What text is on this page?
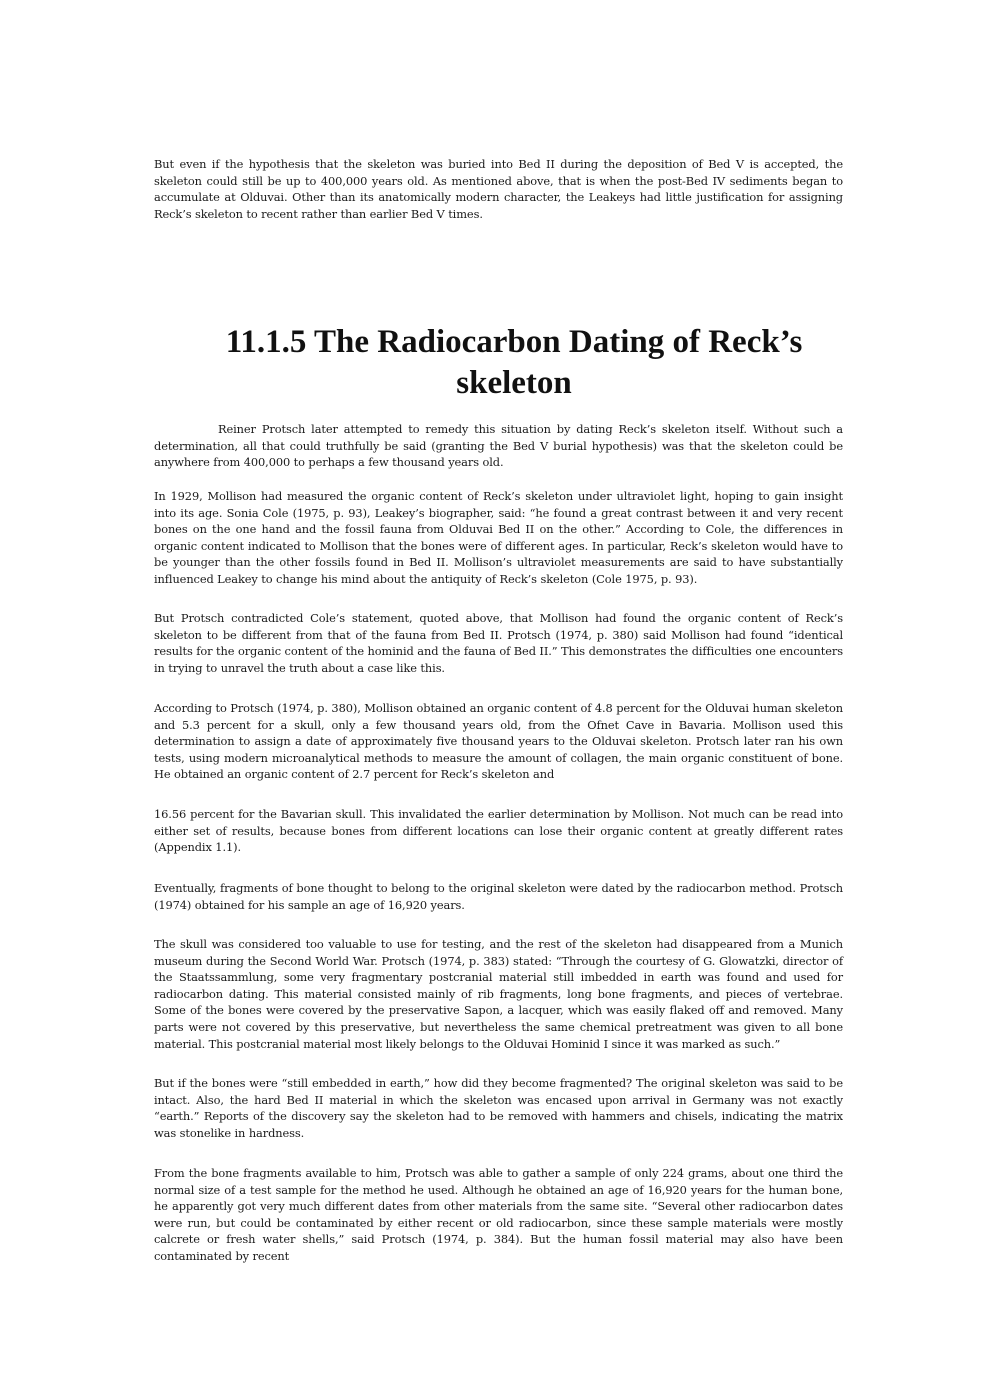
But even if the hypothesis that the skeleton was buried into Bed II during the deposition of Bed V is accepted, the skeleton could still be up to 400,000 years old. As mentioned above, that is when the post-Bed IV sediments began to accumulate at Olduvai. Other than its anatomically modern character, the Leakeys had little justification for assigning Reck’s skeleton to recent rather than earlier Bed V times.

11.1.5 The Radiocarbon Dating of Reck’s skeleton

Reiner Protsch later attempted to remedy this situation by dating Reck’s skeleton itself. Without such a determination, all that could truthfully be said (granting the Bed V burial hypothesis) was that the skeleton could be anywhere from 400,000 to perhaps a few thousand years old.

In 1929, Mollison had measured the organic content of Reck’s skeleton under ultraviolet light, hoping to gain insight into its age. Sonia Cole (1975, p. 93), Leakey’s biographer, said: “he found a great contrast between it and very recent bones on the one hand and the fossil fauna from Olduvai Bed II on the other.” According to Cole, the differences in organic content indicated to Mollison that the bones were of different ages. In particular, Reck’s skeleton would have to be younger than the other fossils found in Bed II. Mollison’s ultraviolet measurements are said to have substantially influenced Leakey to change his mind about the antiquity of Reck’s skeleton (Cole 1975, p. 93).

But Protsch contradicted Cole’s statement, quoted above, that Mollison had found the organic content of Reck’s skeleton to be different from that of the fauna from Bed II. Protsch (1974, p. 380) said Mollison had found “identical results for the organic content of the hominid and the fauna of Bed II.” This demonstrates the difficulties one encounters in trying to unravel the truth about a case like this.

According to Protsch (1974, p. 380), Mollison obtained an organic content of 4.8 percent for the Olduvai human skeleton and 5.3 percent for a skull, only a few thousand years old, from the Ofnet Cave in Bavaria. Mollison used this determination to assign a date of approximately five thousand years to the Olduvai skeleton. Protsch later ran his own tests, using modern microanalytical methods to measure the amount of collagen, the main organic constituent of bone. He obtained an organic content of 2.7 percent for Reck’s skeleton and

16.56 percent for the Bavarian skull. This invalidated the earlier determination by Mollison. Not much can be read into either set of results, because bones from different locations can lose their organic content at greatly different rates (Appendix 1.1).

Eventually, fragments of bone thought to belong to the original skeleton were dated by the radiocarbon method. Protsch (1974) obtained for his sample an age of 16,920 years.

The skull was considered too valuable to use for testing, and the rest of the skeleton had disappeared from a Munich museum during the Second World War. Protsch (1974, p. 383) stated: “Through the courtesy of G. Glowatzki, director of the Staatssammlung, some very fragmentary postcranial material still imbedded in earth was found and used for radiocarbon dating. This material consisted mainly of rib fragments, long bone fragments, and pieces of vertebrae. Some of the bones were covered by the preservative Sapon, a lacquer, which was easily flaked off and removed. Many parts were not covered by this preservative, but nevertheless the same chemical pretreatment was given to all bone material. This postcranial material most likely belongs to the Olduvai Hominid I since it was marked as such.”

But if the bones were “still embedded in earth,” how did they become fragmented? The original skeleton was said to be intact. Also, the hard Bed II material in which the skeleton was encased upon arrival in Germany was not exactly “earth.” Reports of the discovery say the skeleton had to be removed with hammers and chisels, indicating the matrix was stonelike in hardness.

From the bone fragments available to him, Protsch was able to gather a sample of only 224 grams, about one third the normal size of a test sample for the method he used. Although he obtained an age of 16,920 years for the human bone, he apparently got very much different dates from other materials from the same site. “Several other radiocarbon dates were run, but could be contaminated by either recent or old radiocarbon, since these sample materials were mostly calcrete or fresh water shells,” said Protsch (1974, p. 384). But the human fossil material may also have been contaminated by recent
